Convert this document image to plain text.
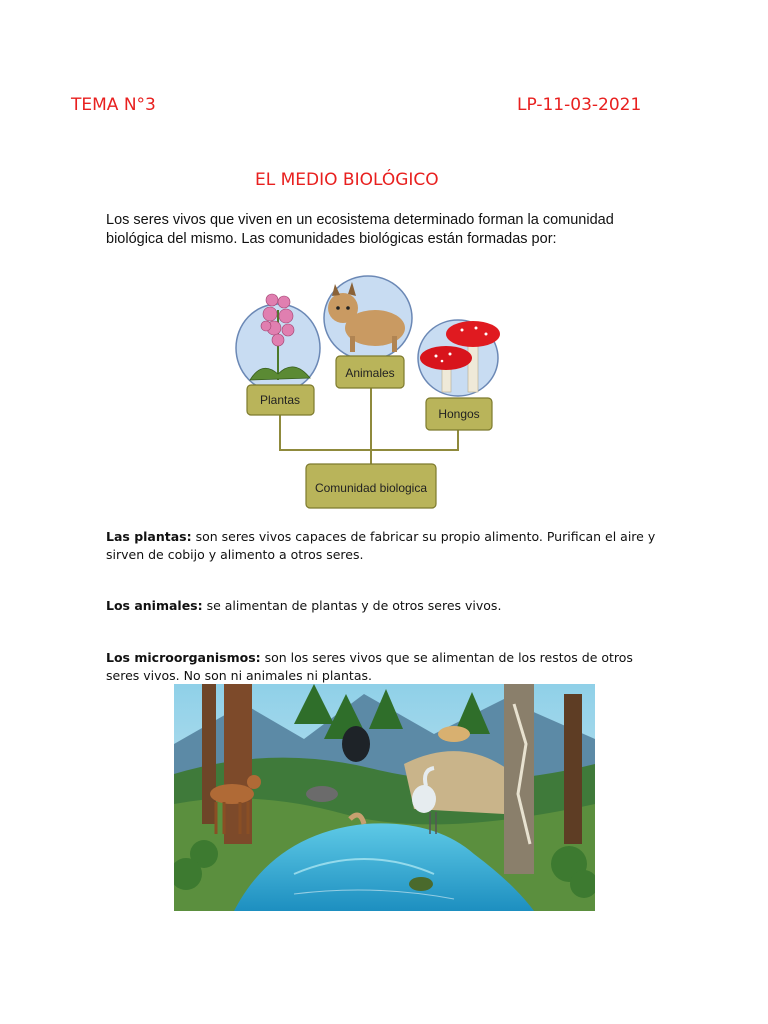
TEMA N°3	LP-11-03-2021
EL MEDIO BIOLÓGICO
Los seres vivos que viven en un ecosistema determinado forman la comunidad biológica del mismo. Las comunidades biológicas están formadas por:
Plantas
Animales
Hongos
Comunidad biologica
Las plantas: son seres vivos capaces de fabricar su propio alimento. Purifican el aire y sirven de cobijo y alimento a otros seres.
Los animales: se alimentan de plantas y de otros seres vivos.
Los microorganismos: son los seres vivos que se alimentan de los restos de otros seres vivos. No son ni animales ni plantas.
